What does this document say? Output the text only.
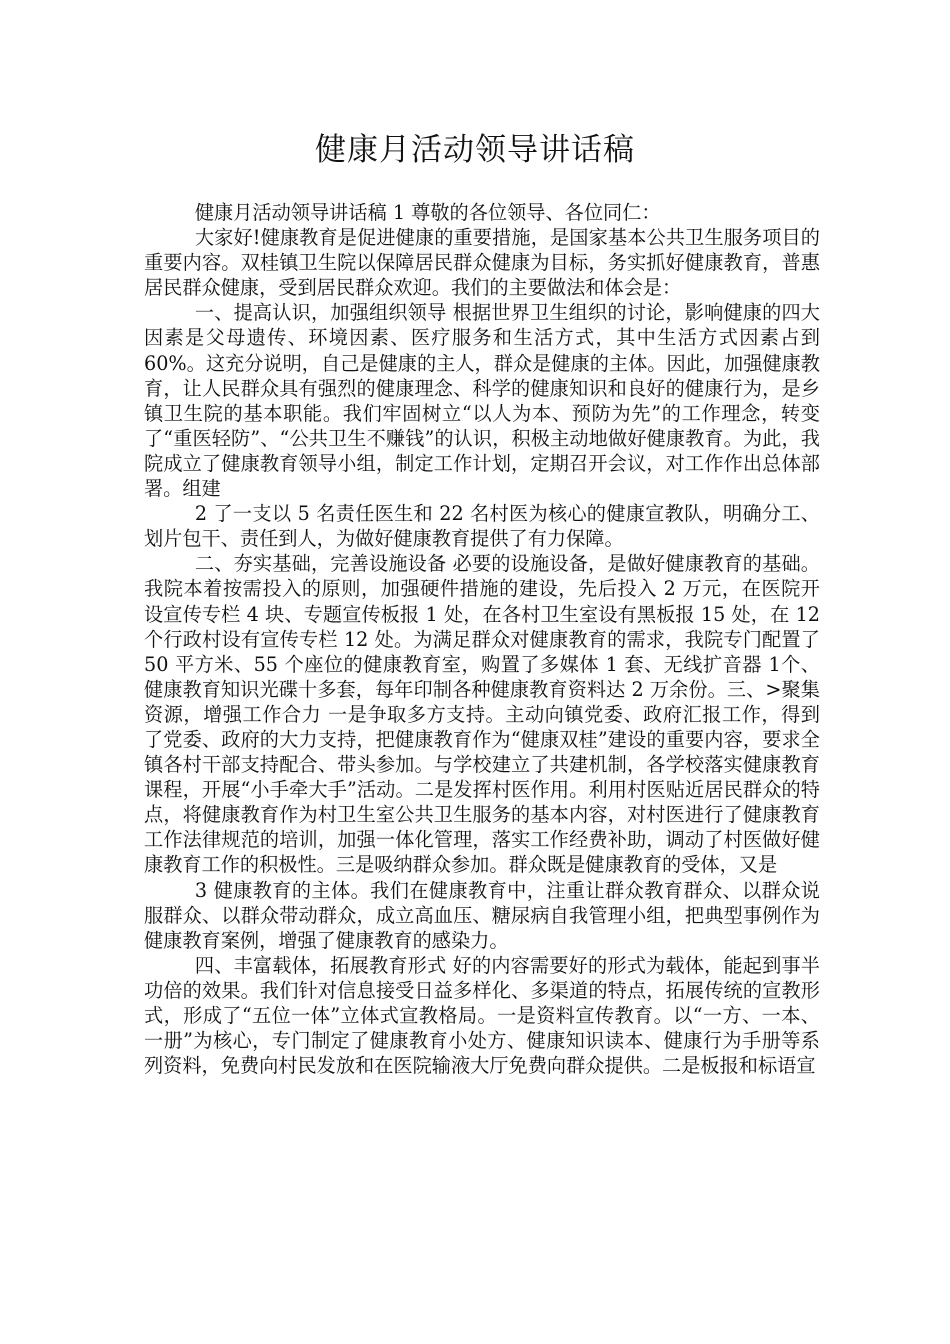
健康月活动领导讲话稿

健康月活动领导讲话稿 1 尊敬的各位领导、各位同仁：

大家好!健康教育是促进健康的重要措施，是国家基本公共卫生服务项目的重要内容。双桂镇卫生院以保障居民群众健康为目标，务实抓好健康教育，普惠居民群众健康，受到居民群众欢迎。我们的主要做法和体会是：

一、提高认识，加强组织领导 根据世界卫生组织的讨论，影响健康的四大因素是父母遗传、环境因素、医疗服务和生活方式，其中生活方式因素占到 60%。这充分说明，自己是健康的主人，群众是健康的主体。因此，加强健康教育，让人民群众具有强烈的健康理念、科学的健康知识和良好的健康行为，是乡镇卫生院的基本职能。我们牢固树立“以人为本、预防为先”的工作理念，转变了“重医轻防”、“公共卫生不赚钱”的认识，积极主动地做好健康教育。为此，我院成立了健康教育领导小组，制定工作计划，定期召开会议，对工作作出总体部署。组建

2 了一支以 5 名责任医生和 22 名村医为核心的健康宣教队，明确分工、划片包干、责任到人，为做好健康教育提供了有力保障。

二、夯实基础，完善设施设备 必要的设施设备，是做好健康教育的基础。我院本着按需投入的原则，加强硬件措施的建设，先后投入 2 万元，在医院开设宣传专栏 4 块、专题宣传板报 1 处，在各村卫生室设有黑板报 15 处，在 12 个行政村设有宣传专栏 12 处。为满足群众对健康教育的需求，我院专门配置了 50 平方米、55 个座位的健康教育室，购置了多媒体 1 套、无线扩音器 1个、健康教育知识光碟十多套，每年印制各种健康教育资料达 2 万余份。三、>聚集资源，增强工作合力 一是争取多方支持。主动向镇党委、政府汇报工作，得到了党委、政府的大力支持，把健康教育作为“健康双桂”建设的重要内容，要求全镇各村干部支持配合、带头参加。与学校建立了共建机制，各学校落实健康教育课程，开展“小手牵大手”活动。二是发挥村医作用。利用村医贴近居民群众的特点，将健康教育作为村卫生室公共卫生服务的基本内容，对村医进行了健康教育工作法律规范的培训，加强一体化管理，落实工作经费补助，调动了村医做好健康教育工作的积极性。三是吸纳群众参加。群众既是健康教育的受体，又是

3 健康教育的主体。我们在健康教育中，注重让群众教育群众、以群众说服群众、以群众带动群众，成立高血压、糖尿病自我管理小组，把典型事例作为健康教育案例，增强了健康教育的感染力。

四、丰富载体，拓展教育形式 好的内容需要好的形式为载体，能起到事半功倍的效果。我们针对信息接受日益多样化、多渠道的特点，拓展传统的宣教形式，形成了“五位一体”立体式宣教格局。一是资料宣传教育。以“一方、一本、一册”为核心，专门制定了健康教育小处方、健康知识读本、健康行为手册等系列资料，免费向村民发放和在医院输液大厅免费向群众提供。二是板报和标语宣
